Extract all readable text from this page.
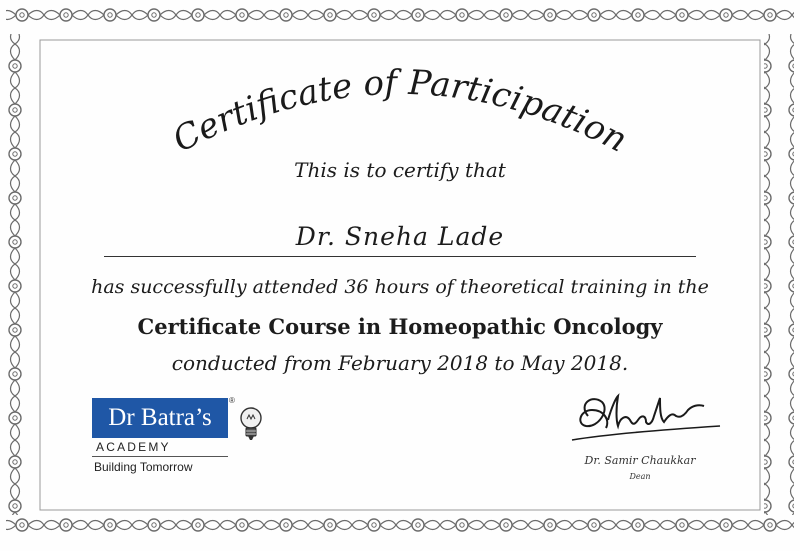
Certificate of Participation
This is to certify that
Dr. Sneha Lade
has successfully attended 36 hours of theoretical training in the
Certificate Course in Homeopathic Oncology
conducted from February 2018 to May 2018.
Dr Batra’s
®
ACADEMY
Building Tomorrow	Dr. Samir Chaukkar
Dean
